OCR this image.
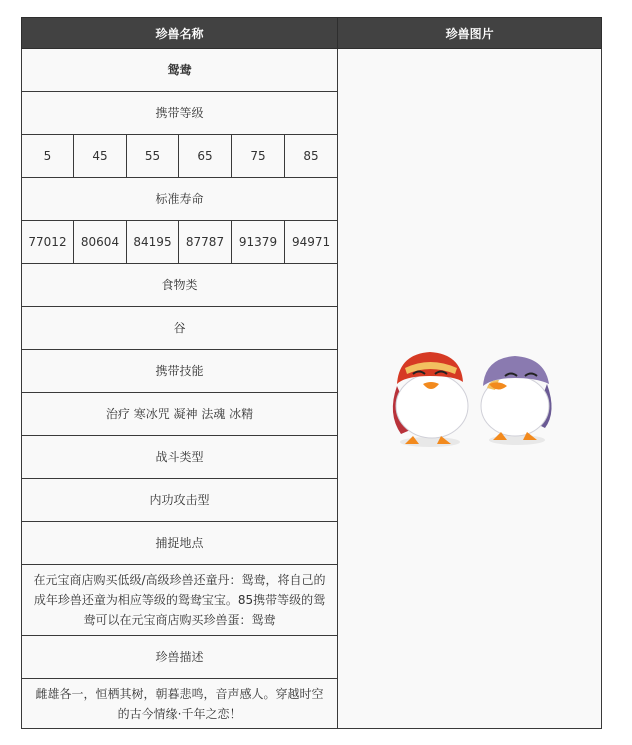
珍兽名称						珍兽图片
鸳鸯	

携带等级						
5	45	55	65	75	85	
标准寿命						
77012	80604	84195	87787	91379	94971	
食物类						
谷						
携带技能						
治疗 寒冰咒 凝神 法魂 冰精						
战斗类型						
内功攻击型						
捕捉地点						
在元宝商店购买低级/高级珍兽还童丹：鸳鸯，将自己的成年珍兽还童为相应等级的鸳鸯宝宝。85携带等级的鸳鸯可以在元宝商店购买珍兽蛋：鸳鸯						
珍兽描述						
雌雄各一，恒栖其树，朝暮悲鸣，音声感人。穿越时空的古今情缘·千年之恋！						
